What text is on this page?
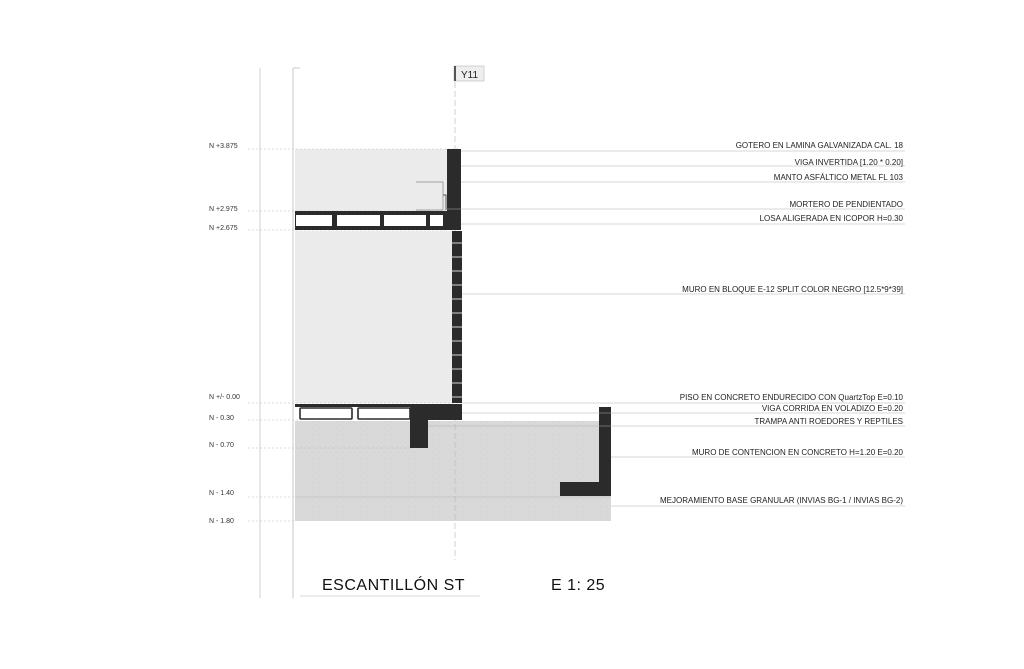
Y11
N +3.875
N +2.975
N +2.675
N +/- 0.00
N - 0.30
N - 0.70
N - 1.40
N - 1.80
GOTERO EN LAMINA GALVANIZADA CAL. 18
VIGA INVERTIDA [1.20 * 0.20]
MANTO ASFÁLTICO METAL FL 103
MORTERO DE PENDIENTADO
LOSA ALIGERADA EN ICOPOR H=0.30
MURO EN BLOQUE E-12 SPLIT COLOR NEGRO [12.5*9*39]
PISO EN CONCRETO ENDURECIDO CON QuartzTop E=0.10
VIGA CORRIDA EN VOLADIZO E=0.20
TRAMPA ANTI ROEDORES Y REPTILES
MURO DE CONTENCION EN CONCRETO H=1.20 E=0.20
MEJORAMIENTO BASE GRANULAR (INVIAS BG-1 / INVIAS BG-2)
ESCANTILLÓN ST	E 1: 25
